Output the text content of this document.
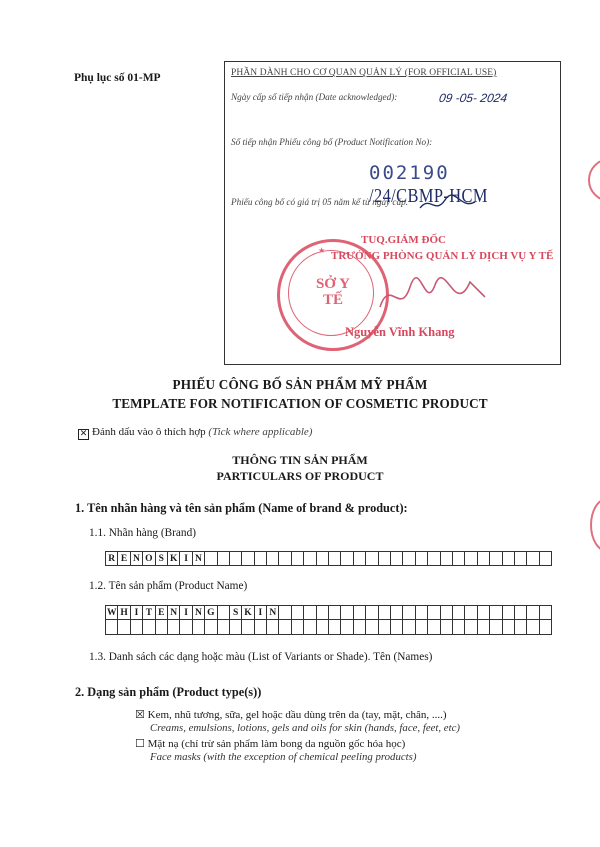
Phụ lục số 01-MP	PHẦN DÀNH CHO CƠ QUAN QUẢN LÝ (FOR OFFICIAL USE)
Ngày cấp số tiếp nhận (Date acknowledged):	09 -05- 2024
Số tiếp nhận Phiếu công bố (Product Notification No):
002190 /24/CBMP-HCM
Phiếu công bố có giá trị 05 năm kể từ ngày cấp.
SỞ Y TẾ
★
TUQ.GIÁM ĐỐC
TRƯỞNG PHÒNG QUẢN LÝ DỊCH VỤ Y TẾ
Nguyễn Vĩnh Khang
PHIẾU CÔNG BỐ SẢN PHẨM MỸ PHẨM
TEMPLATE FOR NOTIFICATION OF COSMETIC PRODUCT
✕ Đánh dấu vào ô thích hợp (Tick where applicable)
THÔNG TIN SẢN PHẨM
PARTICULARS OF PRODUCT
1. Tên nhãn hàng và tên sản phẩm (Name of brand & product):
1.1. Nhãn hàng (Brand)
R E N O S K I N
1.2. Tên sản phẩm (Product Name)
W H I T E N I N G	S K I N
1.3. Danh sách các dạng hoặc màu (List of Variants or Shade). Tên (Names)
2. Dạng sản phẩm (Product type(s))
☒ Kem, nhũ tương, sữa, gel hoặc dầu dùng trên da (tay, mặt, chân, ....)
Creams, emulsions, lotions, gels and oils for skin (hands, face, feet, etc)
☐ Mặt nạ (chỉ trừ sản phẩm làm bong da nguồn gốc hóa học)
Face masks (with the exception of chemical peeling products)
